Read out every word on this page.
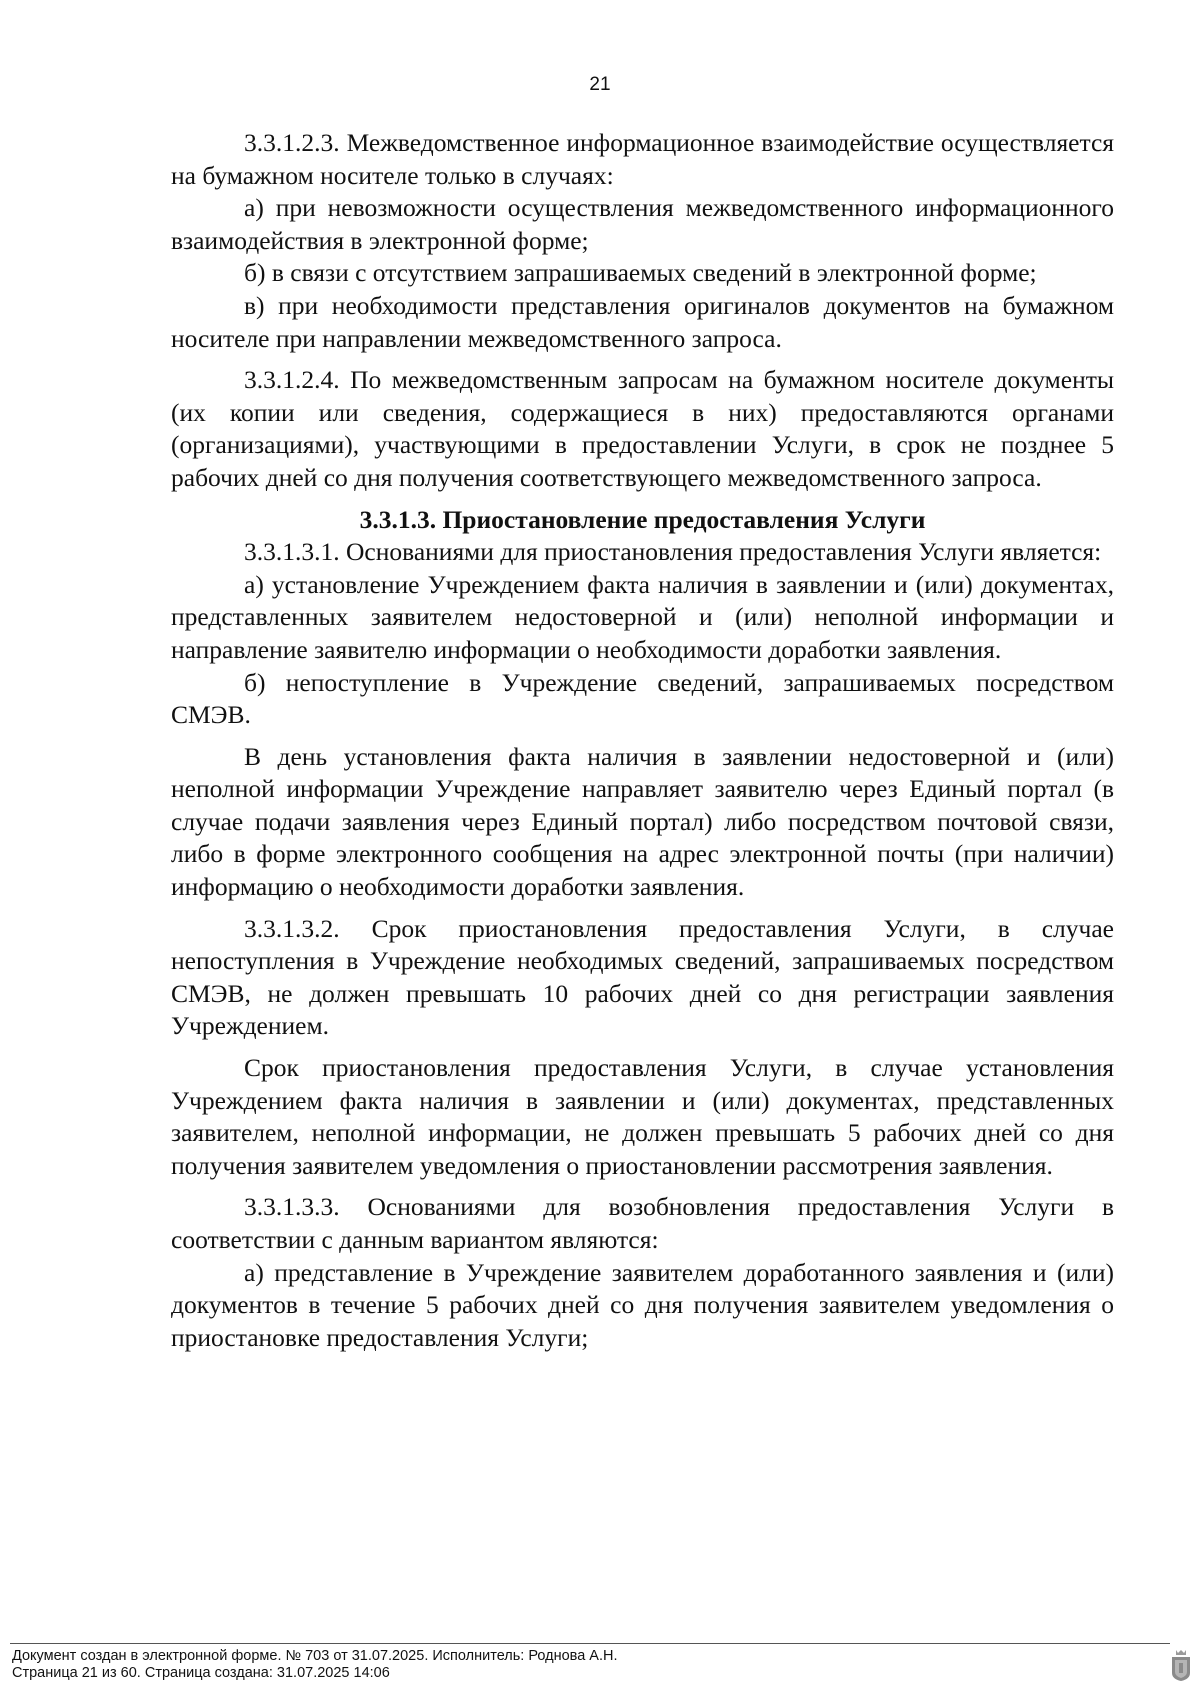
21

3.3.1.2.3. Межведомственное информационное взаимодействие осуществляется на бумажном носителе только в случаях:

а) при невозможности осуществления межведомственного информационного взаимодействия в электронной форме;

б) в связи с отсутствием запрашиваемых сведений в электронной форме;

в) при необходимости представления оригиналов документов на бумажном носителе при направлении межведомственного запроса.

3.3.1.2.4. По межведомственным запросам на бумажном носителе документы (их копии или сведения, содержащиеся в них) предоставляются органами (организациями), участвующими в предоставлении Услуги, в срок не позднее 5 рабочих дней со дня получения соответствующего межведомственного запроса.

3.3.1.3. Приостановление предоставления Услуги

3.3.1.3.1. Основаниями для приостановления предоставления Услуги является:

а) установление Учреждением факта наличия в заявлении и (или) документах, представленных заявителем недостоверной и (или) неполной информации и направление заявителю информации о необходимости доработки заявления.

б) непоступление в Учреждение сведений, запрашиваемых посредством СМЭВ.

В день установления факта наличия в заявлении недостоверной и (или) неполной информации Учреждение направляет заявителю через Единый портал (в случае подачи заявления через Единый портал) либо посредством почтовой связи, либо в форме электронного сообщения на адрес электронной почты (при наличии) информацию о необходимости доработки заявления.

3.3.1.3.2. Срок приостановления предоставления Услуги, в случае непоступления в Учреждение необходимых сведений, запрашиваемых посредством СМЭВ, не должен превышать 10 рабочих дней со дня регистрации заявления Учреждением.

Срок приостановления предоставления Услуги, в случае установления Учреждением факта наличия в заявлении и (или) документах, представленных заявителем, неполной информации, не должен превышать 5 рабочих дней со дня получения заявителем уведомления о приостановлении рассмотрения заявления.

3.3.1.3.3. Основаниями для возобновления предоставления Услуги в соответствии с данным вариантом являются:

а) представление в Учреждение заявителем доработанного заявления и (или) документов в течение 5 рабочих дней со дня получения заявителем уведомления о приостановке предоставления Услуги;

Документ создан в электронной форме. № 703 от 31.07.2025. Исполнитель: Роднова А.Н.
Страница 21 из 60. Страница создана: 31.07.2025 14:06
